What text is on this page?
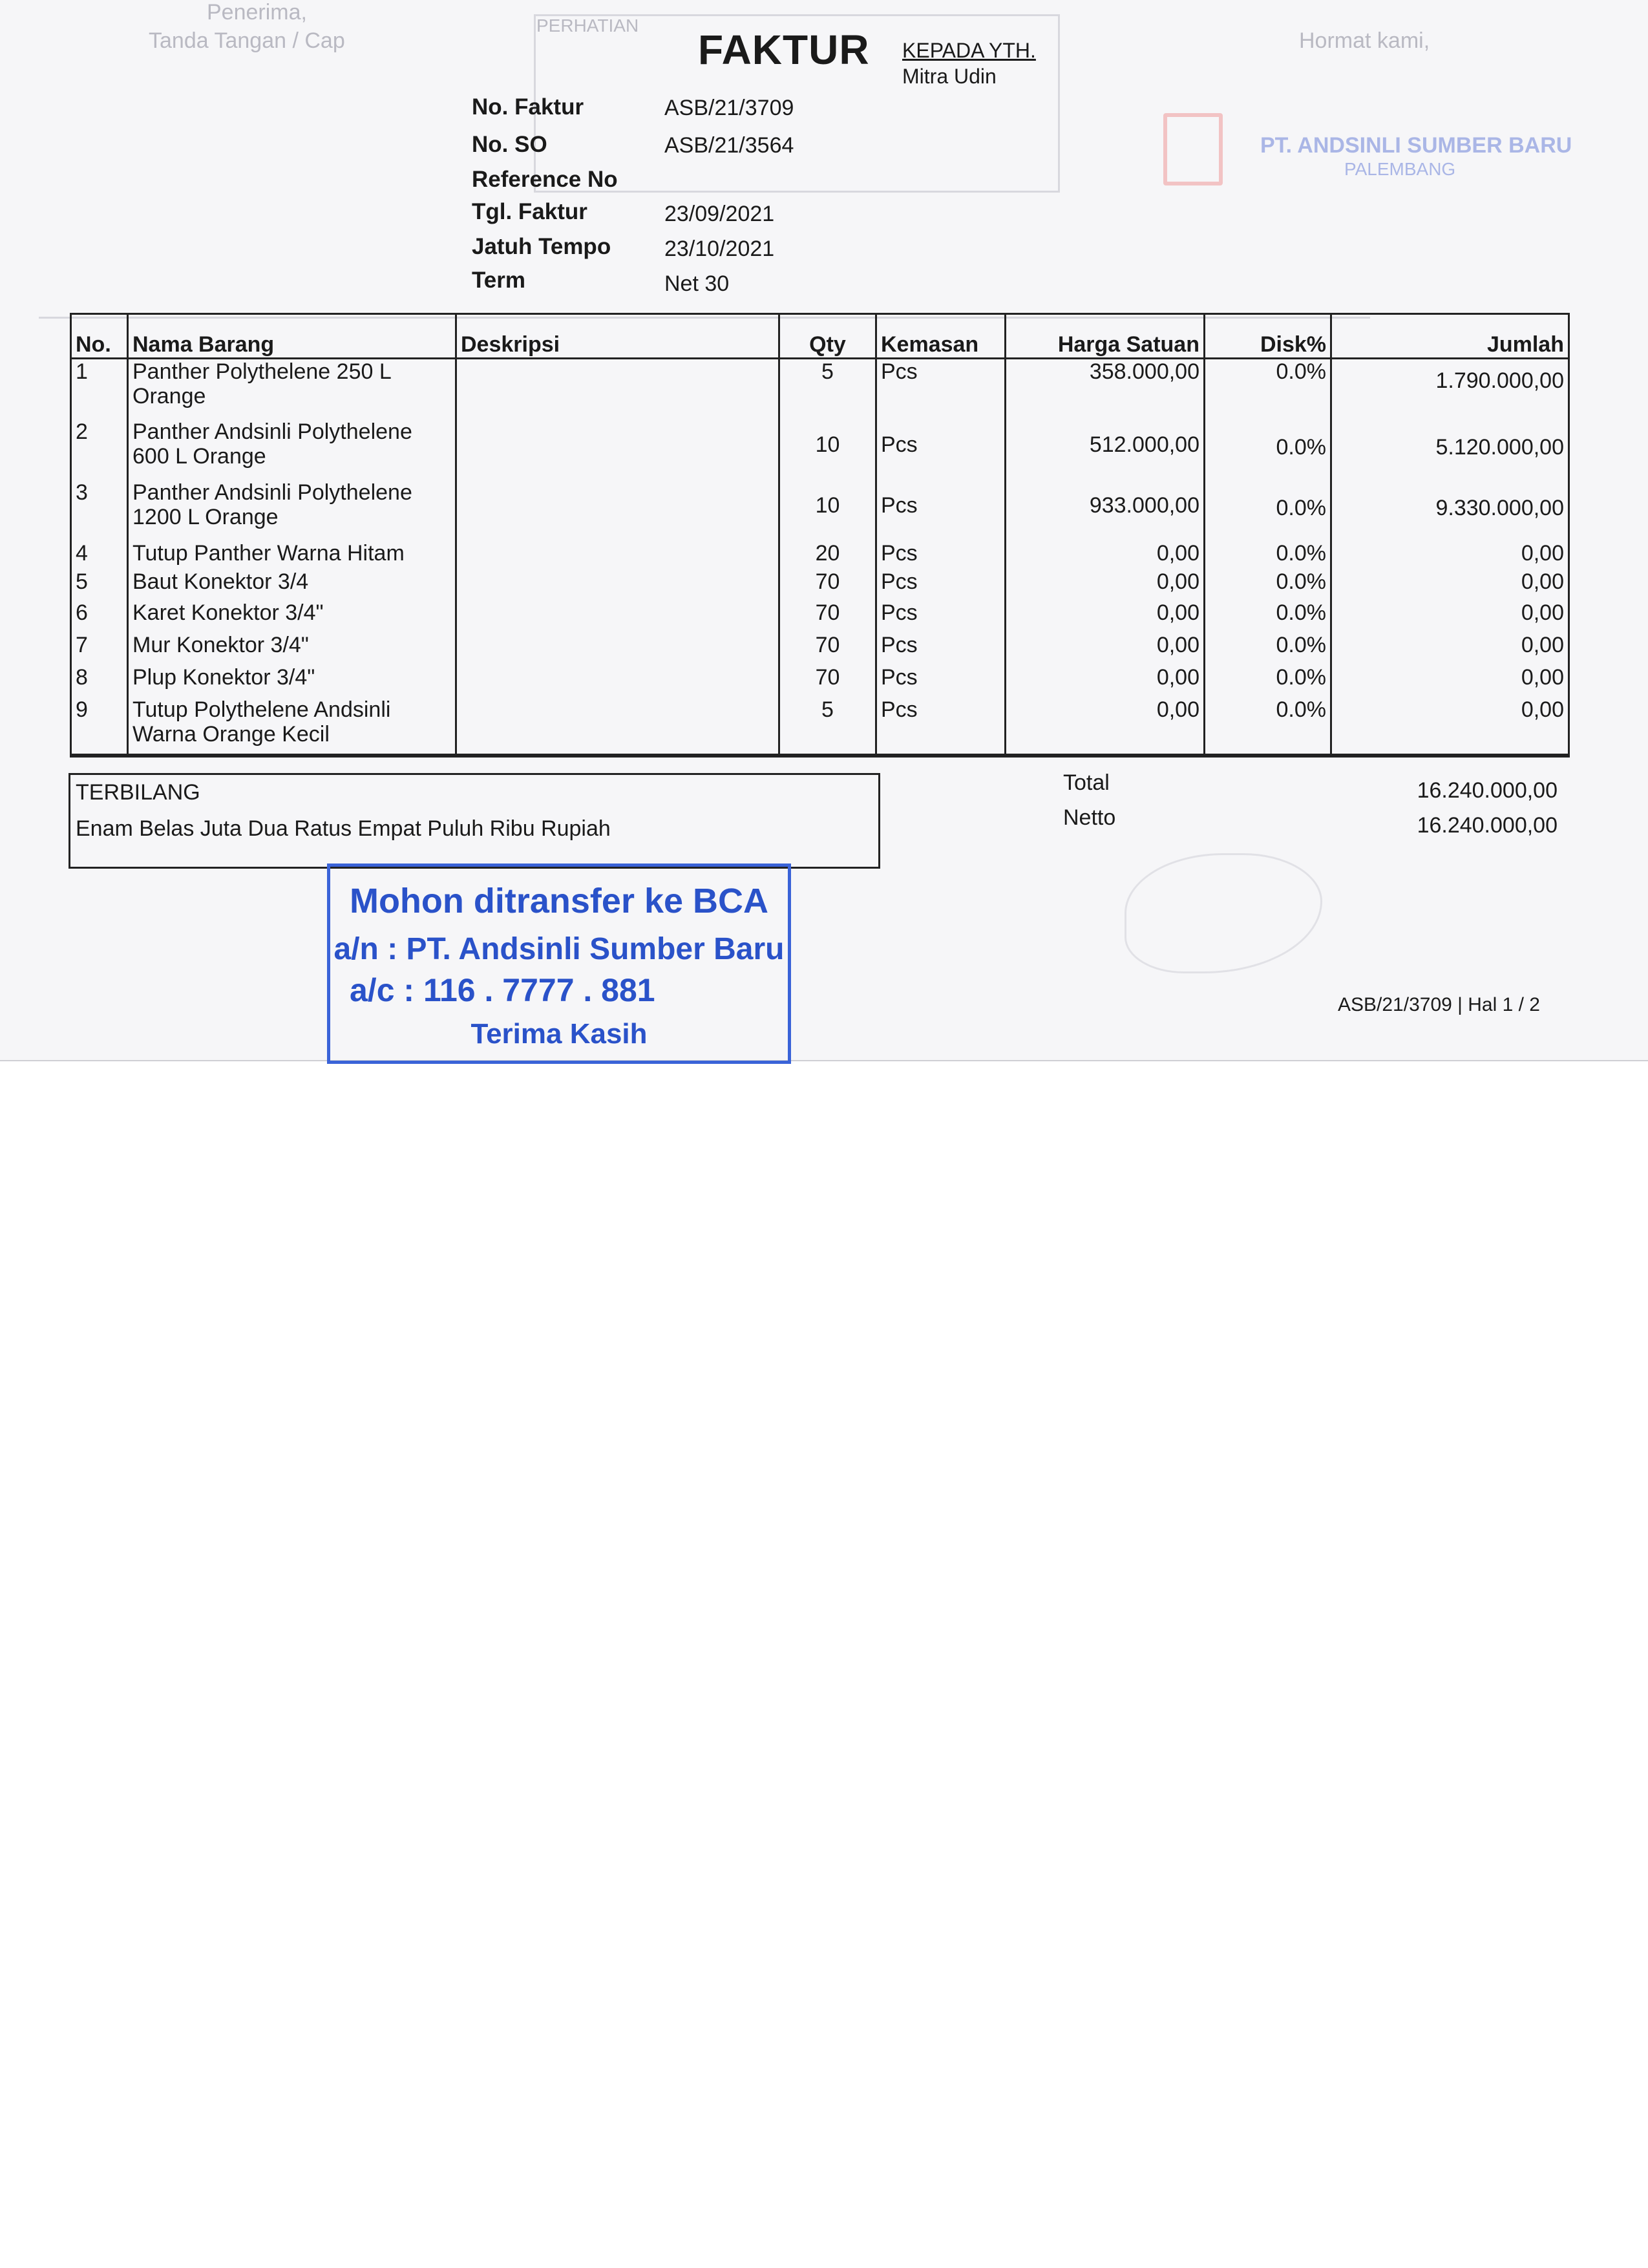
Penerima,
Tanda Tangan / Cap
PERHATIAN
Hormat kami,
PT. ANDSINLI SUMBER BARU
PALEMBANG
FAKTUR KEPADA YTH.
Mitra Udin
No. Faktur	ASB/21/3709
No. SO	ASB/21/3564
Reference No
Tgl. Faktur	23/09/2021
Jatuh Tempo 23/10/2021
Term	Net 30
No.	Nama Barang	Deskripsi	Qty	Kemasan	Harga Satuan	Disk%	Jumlah
1	Panther Polythelene 250 L Orange		5	Pcs	358.000,00	0.0%	1.790.000,00
2	Panther Andsinli Polythelene 600 L Orange		10	Pcs	512.000,00	0.0%	5.120.000,00
3	Panther Andsinli Polythelene 1200 L Orange		10	Pcs	933.000,00	0.0%	9.330.000,00
4	Tutup Panther Warna Hitam		20	Pcs	0,00	0.0%	0,00
5	Baut Konektor 3/4		70	Pcs	0,00	0.0%	0,00
6	Karet Konektor 3/4"		70	Pcs	0,00	0.0%	0,00
7	Mur Konektor 3/4"		70	Pcs	0,00	0.0%	0,00
8	Plup Konektor 3/4"		70	Pcs	0,00	0.0%	0,00
9	Tutup Polythelene Andsinli Warna Orange Kecil		5	Pcs	0,00	0.0%	0,00
TERBILANG
Enam Belas Juta Dua Ratus Empat Puluh Ribu Rupiah
Total	16.240.000,00
Netto	16.240.000,00
Mohon ditransfer ke BCA
a/n : PT. Andsinli Sumber Baru
a/c : 116 . 7777 . 881
Terima Kasih
ASB/21/3709 | Hal 1 / 2
